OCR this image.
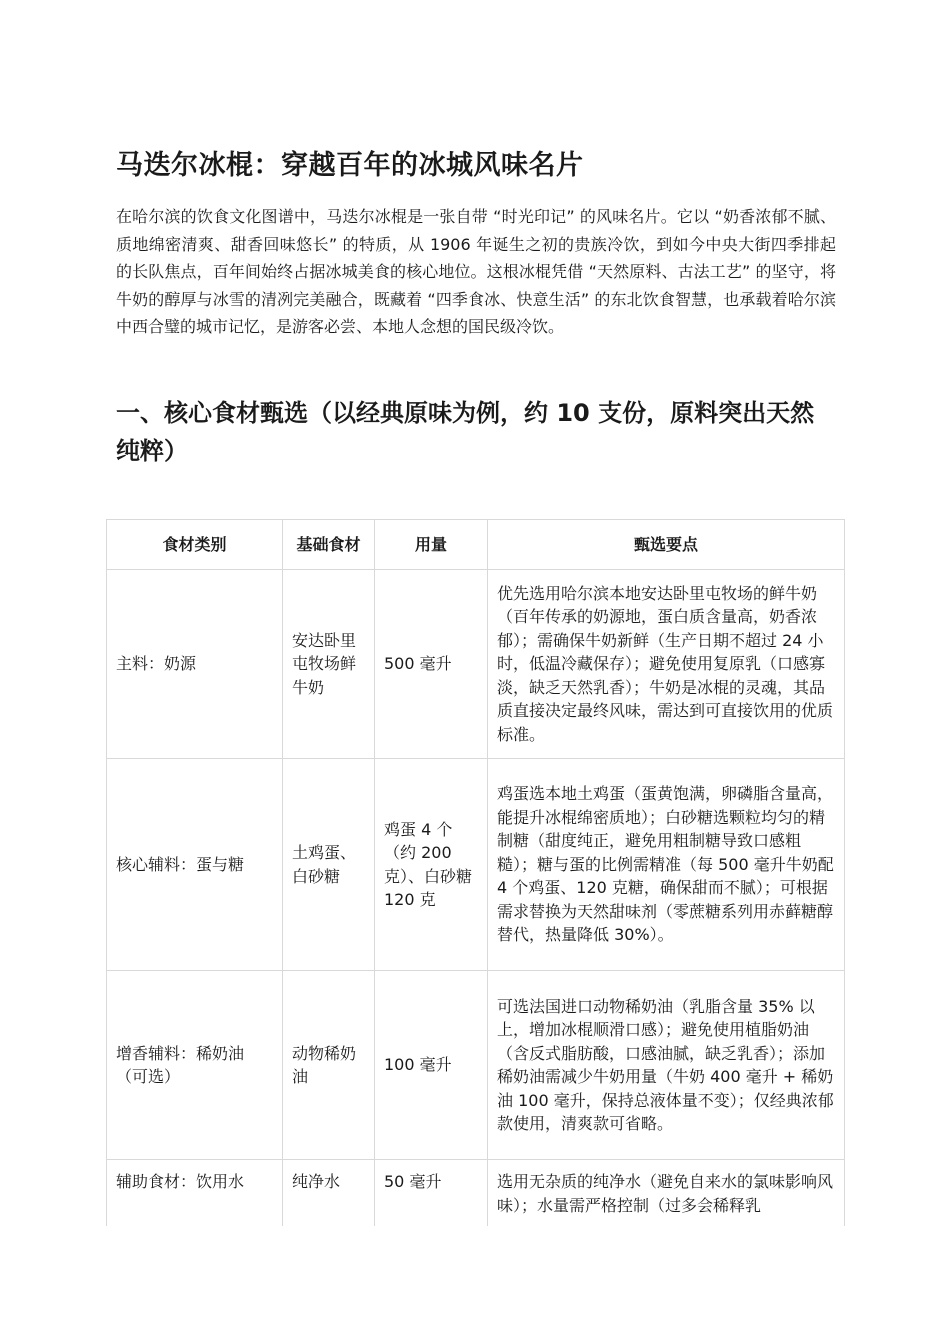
马迭尔冰棍：穿越百年的冰城风味名片

在哈尔滨的饮食文化图谱中，马迭尔冰棍是一张自带 “时光印记” 的风味名片。它以 “奶香浓郁不腻、质地绵密清爽、甜香回味悠长” 的特质，从 1906 年诞生之初的贵族冷饮，到如今中央大街四季排起的长队焦点，百年间始终占据冰城美食的核心地位。这根冰棍凭借 “天然原料、古法工艺” 的坚守，将牛奶的醇厚与冰雪的清冽完美融合，既藏着 “四季食冰、快意生活” 的东北饮食智慧，也承载着哈尔滨中西合璧的城市记忆，是游客必尝、本地人念想的国民级冷饮。

一、核心食材甄选（以经典原味为例，约 10 支份，原料突出天然纯粹）
食材类别	基础食材	用量	甄选要点
主料：奶源	安达卧里屯牧场鲜牛奶	500 毫升	优先选用哈尔滨本地安达卧里屯牧场的鲜牛奶（百年传承的奶源地，蛋白质含量高，奶香浓郁）；需确保牛奶新鲜（生产日期不超过 24 小时，低温冷藏保存）；避免使用复原乳（口感寡淡，缺乏天然乳香）；牛奶是冰棍的灵魂，其品质直接决定最终风味，需达到可直接饮用的优质标准。
核心辅料：蛋与糖	土鸡蛋、白砂糖	鸡蛋 4 个（约 200 克）、白砂糖 120 克	鸡蛋选本地土鸡蛋（蛋黄饱满，卵磷脂含量高，能提升冰棍绵密质地）；白砂糖选颗粒均匀的精制糖（甜度纯正，避免用粗制糖导致口感粗糙）；糖与蛋的比例需精准（每 500 毫升牛奶配 4 个鸡蛋、120 克糖，确保甜而不腻）；可根据需求替换为天然甜味剂（零蔗糖系列用赤藓糖醇替代，热量降低 30%）。
增香辅料：稀奶油（可选）	动物稀奶油	100 毫升	可选法国进口动物稀奶油（乳脂含量 35% 以上，增加冰棍顺滑口感）；避免使用植脂奶油（含反式脂肪酸，口感油腻，缺乏乳香）；添加稀奶油需减少牛奶用量（牛奶 400 毫升 + 稀奶油 100 毫升，保持总液体量不变）；仅经典浓郁款使用，清爽款可省略。
辅助食材：饮用水	纯净水	50 毫升	选用无杂质的纯净水（避免自来水的氯味影响风味）；水量需严格控制（过多会稀释乳
